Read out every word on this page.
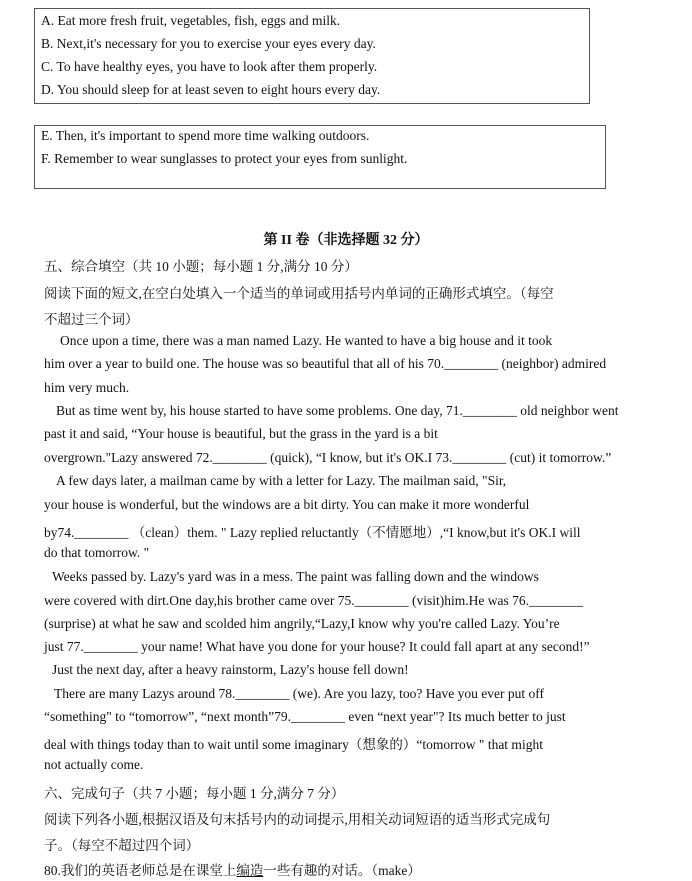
A. Eat more fresh fruit, vegetables, fish, eggs and milk.
B. Next,it's necessary for you to exercise your eyes every day.
C. To have healthy eyes, you have to look after them properly.
D. You should sleep for at least seven to eight hours every day.
E. Then, it's important to spend more time walking outdoors.
F. Remember to wear sunglasses to protect your eyes from sunlight.
第 II 卷（非选择题 32 分）
五、综合填空（共 10 小题；每小题 1 分,满分 10 分）
阅读下面的短文,在空白处填入一个适当的单词或用括号内单词的正确形式填空。（每空
不超过三个词）
Once upon a time, there was a man named Lazy. He wanted to have a big house and it took
him over a year to build one. The house was so beautiful that all of his 70.________ (neighbor) admired
him very much.
But as time went by, his house started to have some problems. One day, 71.________ old neighbor went
past it and said, “Your house is beautiful, but the grass in the yard is a bit
overgrown."Lazy answered 72.________ (quick), “I know, but it's OK.I 73.________ (cut) it tomorrow.”
A few days later, a mailman came by with a letter for Lazy. The mailman said, "Sir,
your house is wonderful, but the windows are a bit dirty. You can make it more wonderful
by74.________ （clean）them. " Lazy replied reluctantly（不情愿地）,“I know,but it's OK.I will
do that tomorrow. "
Weeks passed by. Lazy's yard was in a mess. The paint was falling down and the windows
were covered with dirt.One day,his brother came over 75.________ (visit)him.He was 76.________
(surprise) at what he saw and scolded him angrily,“Lazy,I know why you're called Lazy. You’re
just 77.________ your name! What have you done for your house? It could fall apart at any second!”
Just the next day, after a heavy rainstorm, Lazy's house fell down!
There are many Lazys around 78.________ (we). Are you lazy, too? Have you ever put off
“something" to “tomorrow”, “next month”79.________ even “next year"? Its much better to just
deal with things today than to wait until some imaginary（想象的）“tomorrow " that might
not actually come.
六、完成句子（共 7 小题；每小题 1 分,满分 7 分）
阅读下列各小题,根据汉语及句末括号内的动词提示,用相关动词短语的适当形式完成句
子。（每空不超过四个词）
80.我们的英语老师总是在课堂上编造一些有趣的对话。（make）
